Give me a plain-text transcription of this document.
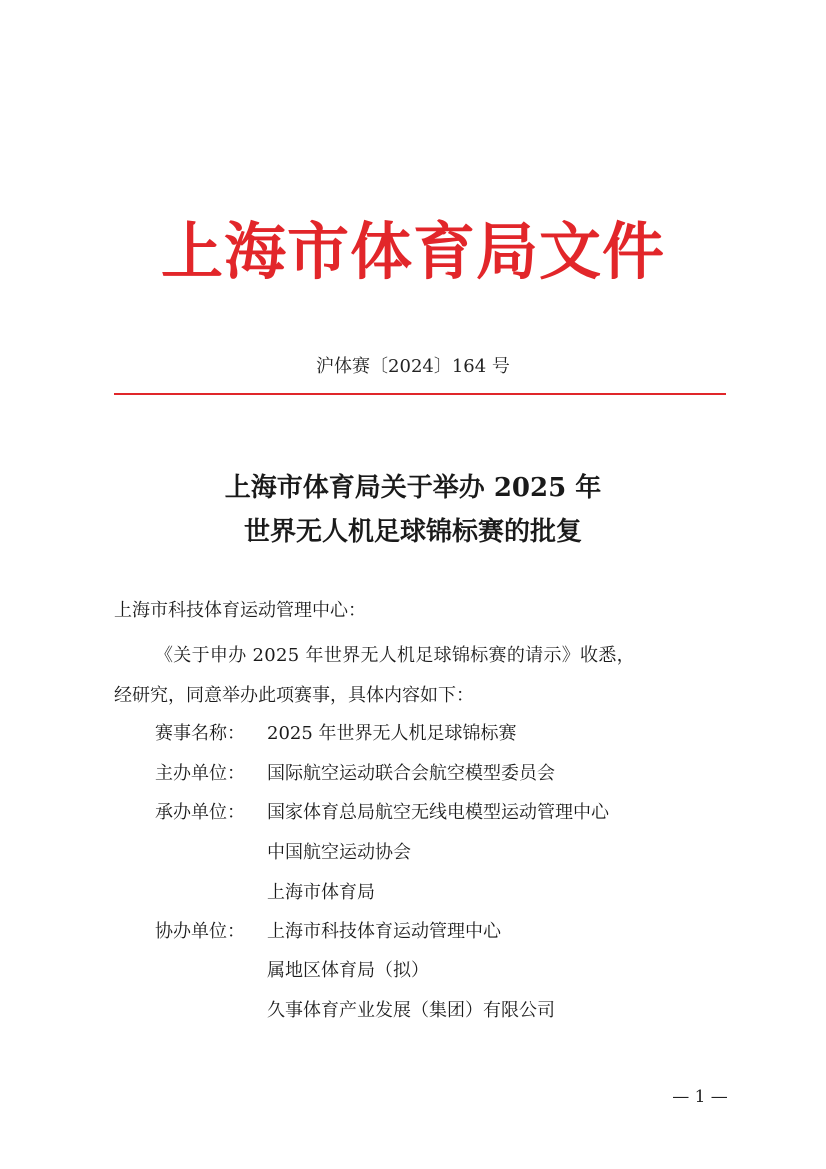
上海市体育局文件
沪体赛〔2024〕164 号
上海市体育局关于举办 2025 年
世界无人机足球锦标赛的批复
上海市科技体育运动管理中心：
《关于申办 2025 年世界无人机足球锦标赛的请示》收悉，
经研究，同意举办此项赛事，具体内容如下：
赛事名称：	2025 年世界无人机足球锦标赛
主办单位：	国际航空运动联合会航空模型委员会
承办单位：	国家体育总局航空无线电模型运动管理中心
中国航空运动协会
上海市体育局
协办单位：	上海市科技体育运动管理中心
属地区体育局（拟）
久事体育产业发展（集团）有限公司
— 1 —
